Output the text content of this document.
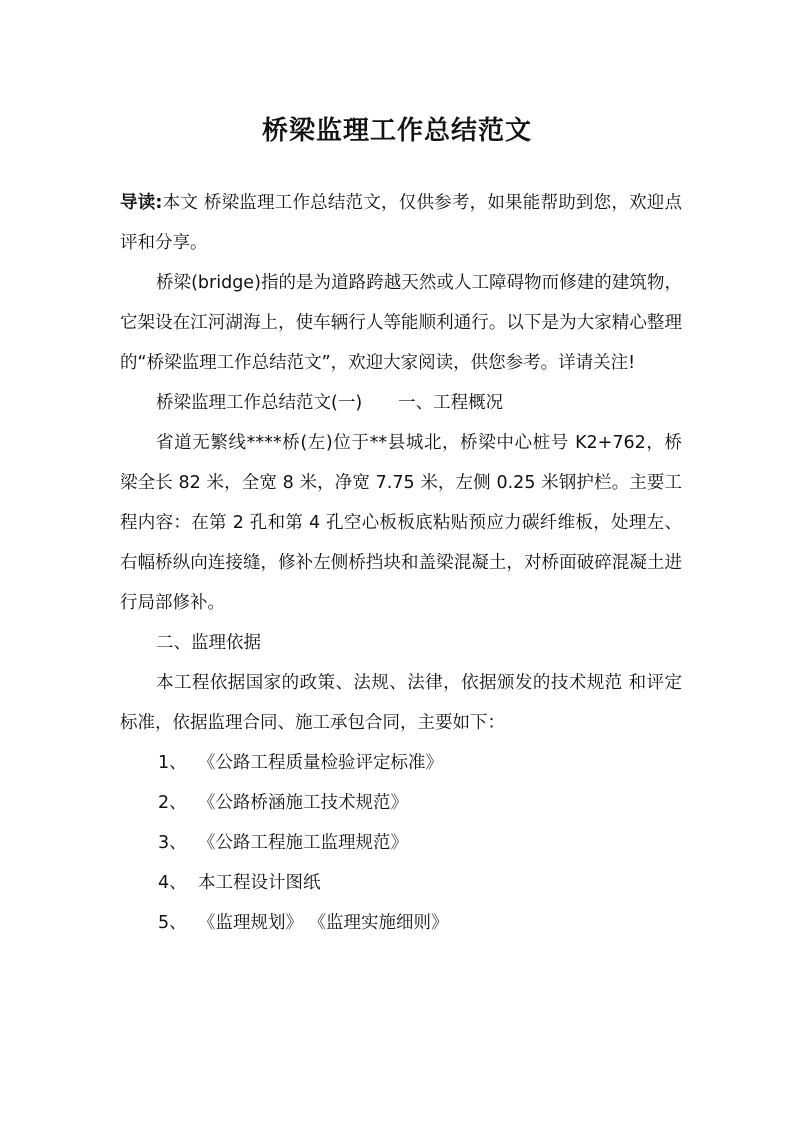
桥梁监理工作总结范文

导读:本文 桥梁监理工作总结范文，仅供参考，如果能帮助到您，欢迎点评和分享。

桥梁(bridge)指的是为道路跨越天然或人工障碍物而修建的建筑物，它架设在江河湖海上，使车辆行人等能顺利通行。以下是为大家精心整理的“桥梁监理工作总结范文”，欢迎大家阅读，供您参考。详请关注!

桥梁监理工作总结范文(一) 一、工程概况

省道无繁线****桥(左)位于**县城北，桥梁中心桩号 K2+762，桥梁全长 82 米，全宽 8 米，净宽 7.75 米，左侧 0.25 米钢护栏。主要工程内容：在第 2 孔和第 4 孔空心板板底粘贴预应力碳纤维板，处理左、右幅桥纵向连接缝，修补左侧桥挡块和盖梁混凝土，对桥面破碎混凝土进行局部修补。

二、监理依据

本工程依据国家的政策、法规、法律，依据颁发的技术规范 和评定标准，依据监理合同、施工承包合同，主要如下：

1、 《公路工程质量检验评定标准》

2、 《公路桥涵施工技术规范》

3、 《公路工程施工监理规范》

4、 本工程设计图纸

5、 《监理规划》 《监理实施细则》
